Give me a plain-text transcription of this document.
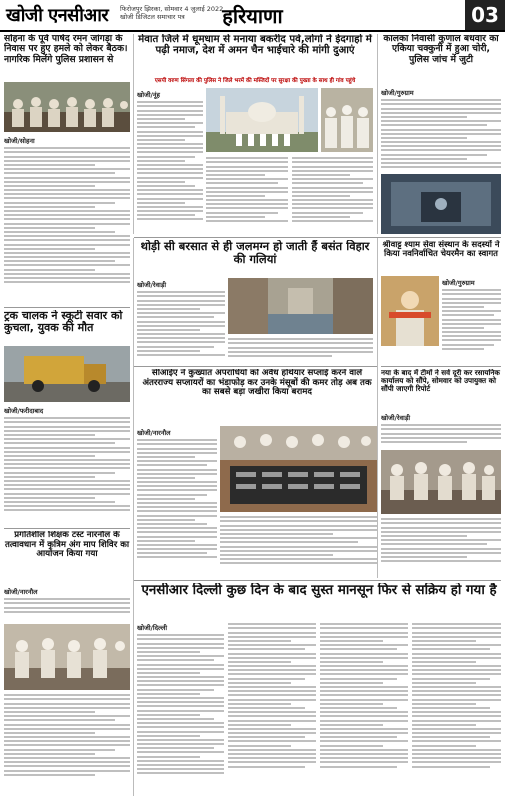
खोजी एनसीआर फिरोजपुर झिरका, सोमवार 4 जुलाई 2022
खोजी डिजिटल समाचार पत्र	हरियाणा	03
सोहना के पूर्व पार्षद रमन जांगड़ा के निवास पर हुए हमले को लेकर बैठक। नागरिक मिलेंगे पुलिस प्रशासन से
खोजी/सोहना
मेवात जिले में धूमधाम से मनाया बकरीद पर्व,लोगों ने ईदगाहो में पढ़ी नमाज, देश में अमन चैन भाईचारे की मांगी दुआएं
एसपी वरुण सिंगला की पुलिस ने जिले भरमें की मस्जिदों पर सुरक्षा की पुख्ता के साथ ही गांव पहुंचे
खोजी/नूंह
कालका निवासी कुणाल बधवार का एकिया चक्कुनी में हुआ चोरी, पुलिस जांच में जुटी
खोजी/गुरुग्राम
थोड़ी सी बरसात से ही जलमग्न हो जाती हैं बसंत विहार की गलियां
खोजी/रेवाड़ी
श्रीवाट्ट श्याम सेवा संस्थान के सदस्यों ने किया नवनिर्वाचित चेयरमैन का स्वागत
खोजी/गुरुग्राम
ट्रक चालक ने स्कूटी सवार को कुचला, युवक की मौत
खोजी/फरीदाबाद
सीआईए ने कुख्यात अपराधियों को अवैध हथियार सप्लाई करने वाले अंतरराज्य सप्लायरों का भंडाफोड़ कर उनके मंसूबों की कमर तोड़ अब तक का सबसे बड़ा जखीरा किया बरामद
खोजी/नारनौल
नया के बाद में टीमों ने सर्व दूरी कर रसायनिक कार्यालय को सौंपे, सोमवार को उपायुक्त को सौंपी जाएगी रिपोर्ट
खोजी/रेवाड़ी
प्रगतिशील शिक्षक टस्ट नारनौल के तत्वावधान में कृत्रिम अंग माप शिविर का आयोजन किया गया
खोजी/नारनौल	एनसीआर दिल्ली कुछ दिन के बाद सुस्त मानसून फिर से सक्रिय हो गया है
खोजी/दिल्ली
